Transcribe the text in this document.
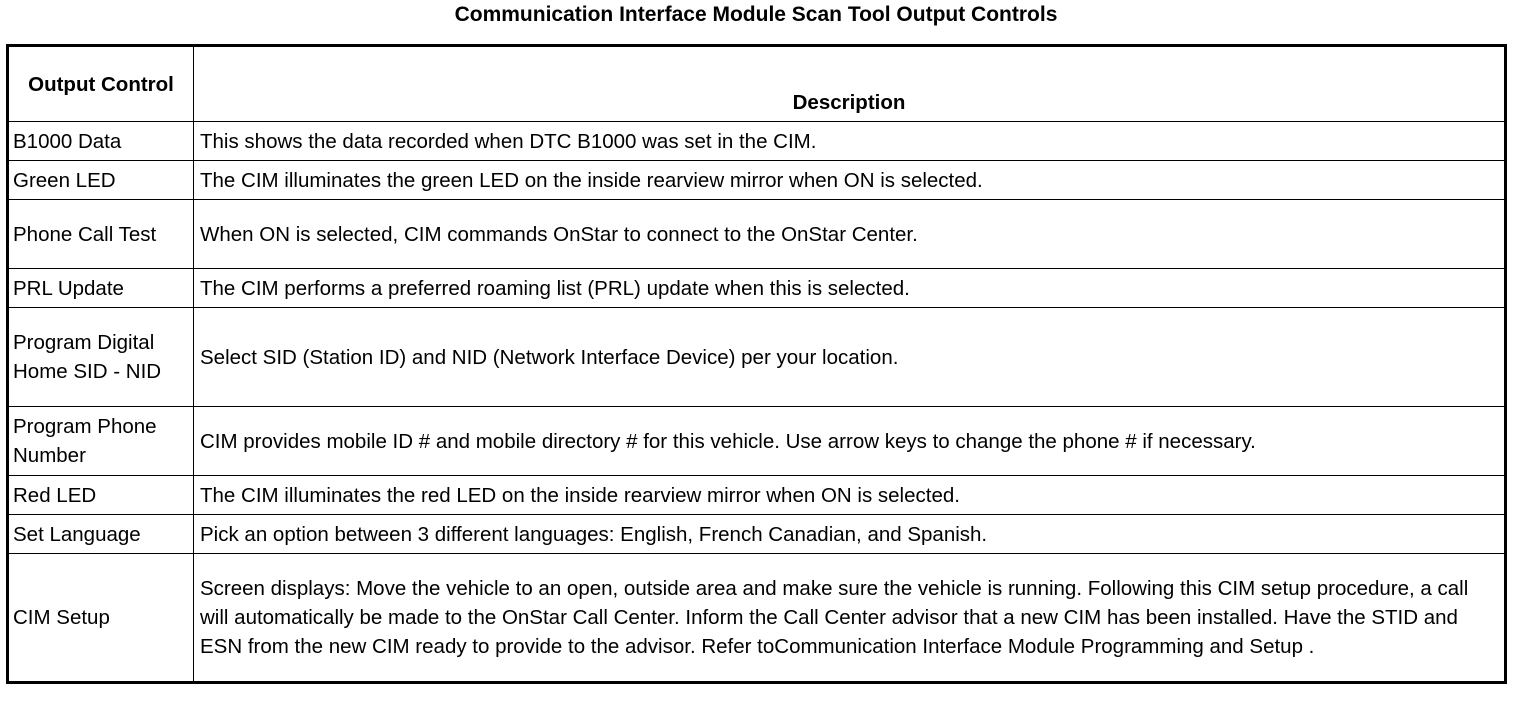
Communication Interface Module Scan Tool Output Controls
Output Control	Description
B1000 Data	This shows the data recorded when DTC B1000 was set in the CIM.
Green LED	The CIM illuminates the green LED on the inside rearview mirror when ON is selected.
Phone Call Test	When ON is selected, CIM commands OnStar to connect to the OnStar Center.
PRL Update	The CIM performs a preferred roaming list (PRL) update when this is selected.
Program Digital Home SID - NID	Select SID (Station ID) and NID (Network Interface Device) per your location.
Program Phone Number	CIM provides mobile ID # and mobile directory # for this vehicle. Use arrow keys to change the phone # if necessary.
Red LED	The CIM illuminates the red LED on the inside rearview mirror when ON is selected.
Set Language	Pick an option between 3 different languages: English, French Canadian, and Spanish.
CIM Setup	Screen displays: Move the vehicle to an open, outside area and make sure the vehicle is running. Following this CIM setup procedure, a call will automatically be made to the OnStar Call Center. Inform the Call Center advisor that a new CIM has been installed. Have the STID and ESN from the new CIM ready to provide to the advisor. Refer toCommunication Interface Module Programming and Setup .
